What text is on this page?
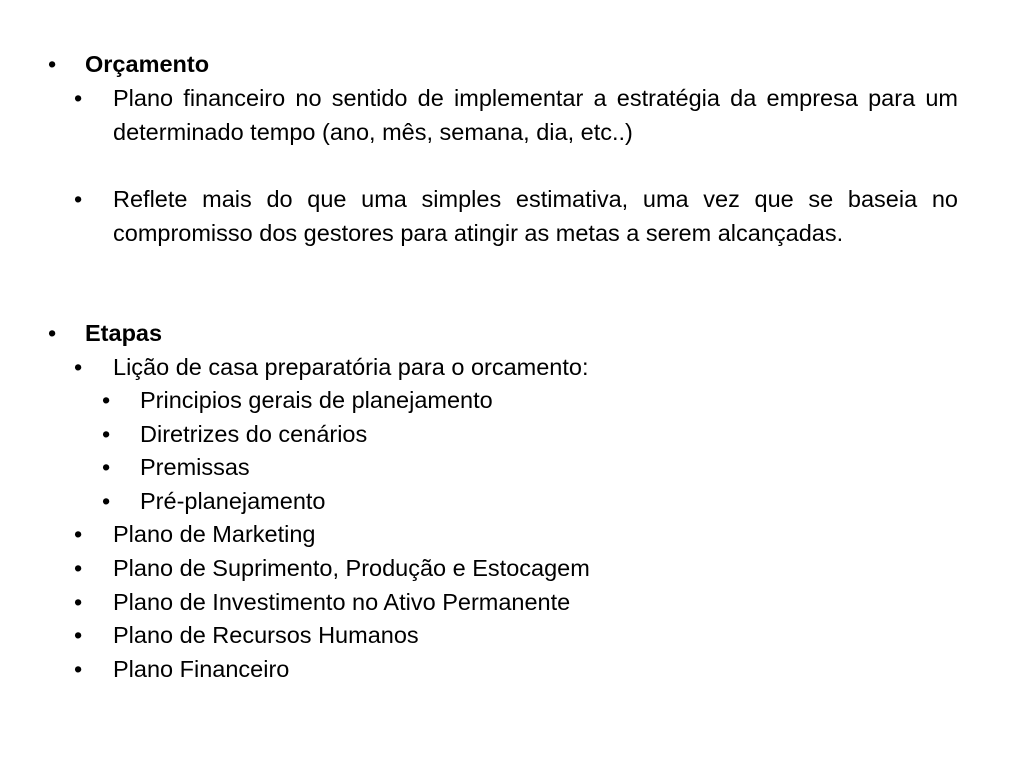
• Orçamento
• Plano financeiro no sentido de implementar a estratégia da empresa para um determinado tempo (ano, mês, semana, dia, etc..)
• Reflete mais do que uma simples estimativa, uma vez que se baseia no compromisso dos gestores para atingir as metas a serem alcançadas.
• Etapas
• Lição de casa preparatória para o orcamento:
• Principios gerais de planejamento
• Diretrizes do cenários
• Premissas
• Pré-planejamento
• Plano de Marketing
• Plano de Suprimento, Produção e Estocagem
• Plano de Investimento no Ativo Permanente
• Plano de Recursos Humanos
• Plano Financeiro
